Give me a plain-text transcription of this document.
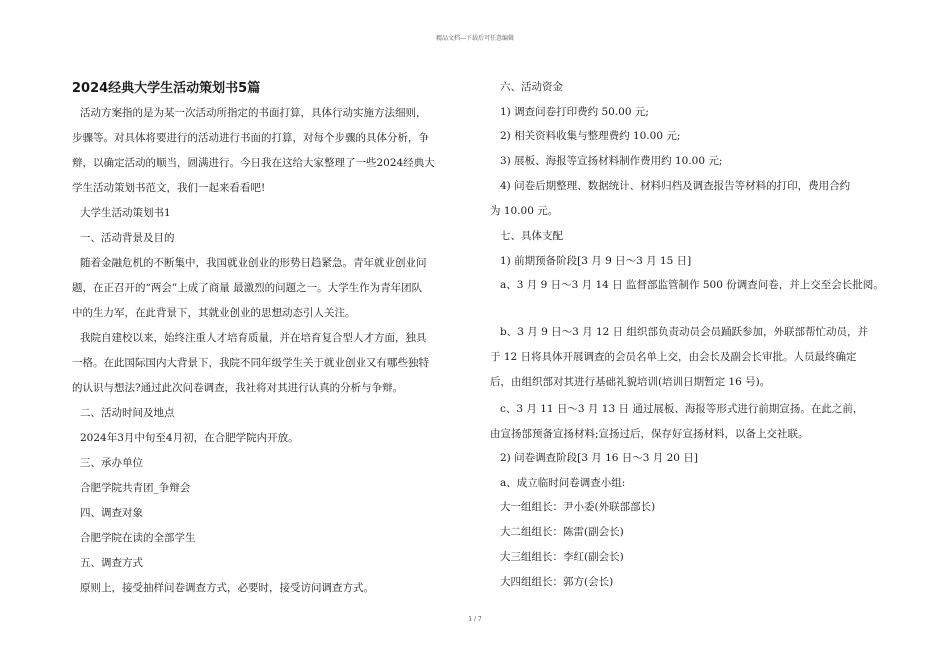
精品文档---下载后可任意编辑
2024经典大学生活动策划书5篇
活动方案指的是为某一次活动所指定的书面打算，具体行动实施方法细则，
步骤等。对具体将要进行的活动进行书面的打算，对每个步骤的具体分析，争
辩，以确定活动的顺当，圆满进行。今日我在这给大家整理了一些2024经典大
学生活动策划书范文，我们一起来看看吧!
大学生活动策划书1
一、活动背景及目的
随着金融危机的不断集中，我国就业创业的形势日趋紧急。青年就业创业问
题，在正召开的“两会”上成了商量 最激烈的问题之一。大学生作为青年团队
中的生力军，在此背景下，其就业创业的思想动态引人关注。
我院自建校以来，始终注重人才培育质量，并在培育复合型人才方面，独具
一格。在此国际国内大背景下，我院不同年级学生关于就业创业又有哪些独特
的认识与想法?通过此次问卷调查，我社将对其进行认真的分析与争辩。
二、活动时间及地点
2024年3月中旬至4月初，在合肥学院内开放。
三、承办单位
合肥学院共青团_争辩会
四、调查对象
合肥学院在读的全部学生
五、调查方式
原则上，接受抽样问卷调查方式，必要时，接受访问调查方式。
六、活动资金
1) 调查问卷打印费约 50.00 元;
2) 相关资料收集与整理费约 10.00 元;
3) 展板、海报等宣扬材料制作费用约 10.00 元;
4) 问卷后期整理、数据统计、材料归档及调查报告等材料的打印，费用合约
为 10.00 元。
七、具体支配
1) 前期预备阶段[3 月 9 日～3 月 15 日]
a、3 月 9 日～3 月 14 日 监督部监管制作 500 份调查问卷，并上交至会长批阅。
b、3 月 9 日～3 月 12 日 组织部负责动员会员踊跃参加，外联部帮忙动员，并
于 12 日将具体开展调查的会员名单上交，由会长及副会长审批。人员最终确定
后，由组织部对其进行基础礼貌培训(培训日期暂定 16 号)。
c、3 月 11 日～3 月 13 日 通过展板、海报等形式进行前期宣扬。在此之前，
由宣扬部预备宣扬材料;宣扬过后，保存好宣扬材料，以备上交社联。
2) 问卷调查阶段[3 月 16 日～3 月 20 日]
a、成立临时问卷调查小组:
大一组组长：尹小委(外联部部长)
大二组组长：陈雷(副会长)
大三组组长：李红(副会长)
大四组组长：郭方(会长)
1 / 7
